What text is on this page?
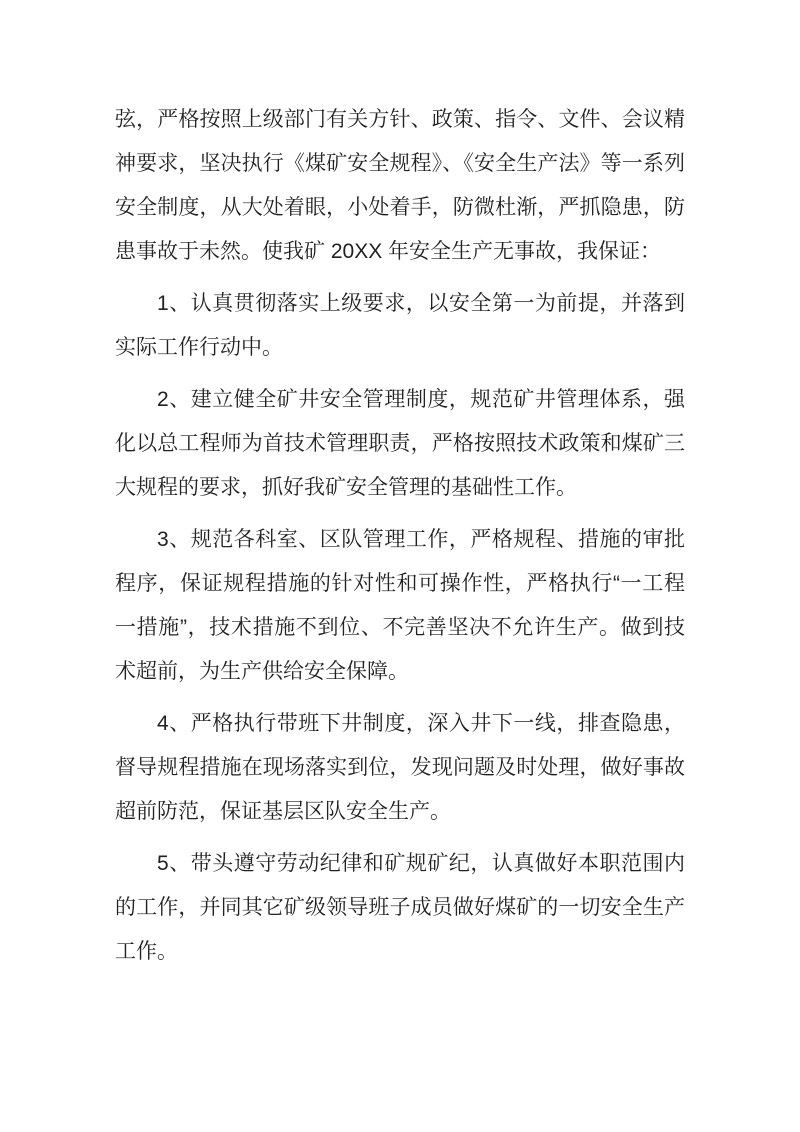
弦，严格按照上级部门有关方针、政策、指令、文件、会议精神要求，坚决执行《煤矿安全规程》、《安全生产法》等一系列安全制度，从大处着眼，小处着手，防微杜渐，严抓隐患，防患事故于未然。使我矿 20XX 年安全生产无事故，我保证：

1、认真贯彻落实上级要求，以安全第一为前提，并落到实际工作行动中。

2、建立健全矿井安全管理制度，规范矿井管理体系，强化以总工程师为首技术管理职责，严格按照技术政策和煤矿三大规程的要求，抓好我矿安全管理的基础性工作。

3、规范各科室、区队管理工作，严格规程、措施的审批程序，保证规程措施的针对性和可操作性，严格执行“一工程一措施”，技术措施不到位、不完善坚决不允许生产。做到技术超前，为生产供给安全保障。

4、严格执行带班下井制度，深入井下一线，排查隐患，督导规程措施在现场落实到位，发现问题及时处理，做好事故超前防范，保证基层区队安全生产。

5、带头遵守劳动纪律和矿规矿纪，认真做好本职范围内的工作，并同其它矿级领导班子成员做好煤矿的一切安全生产工作。
